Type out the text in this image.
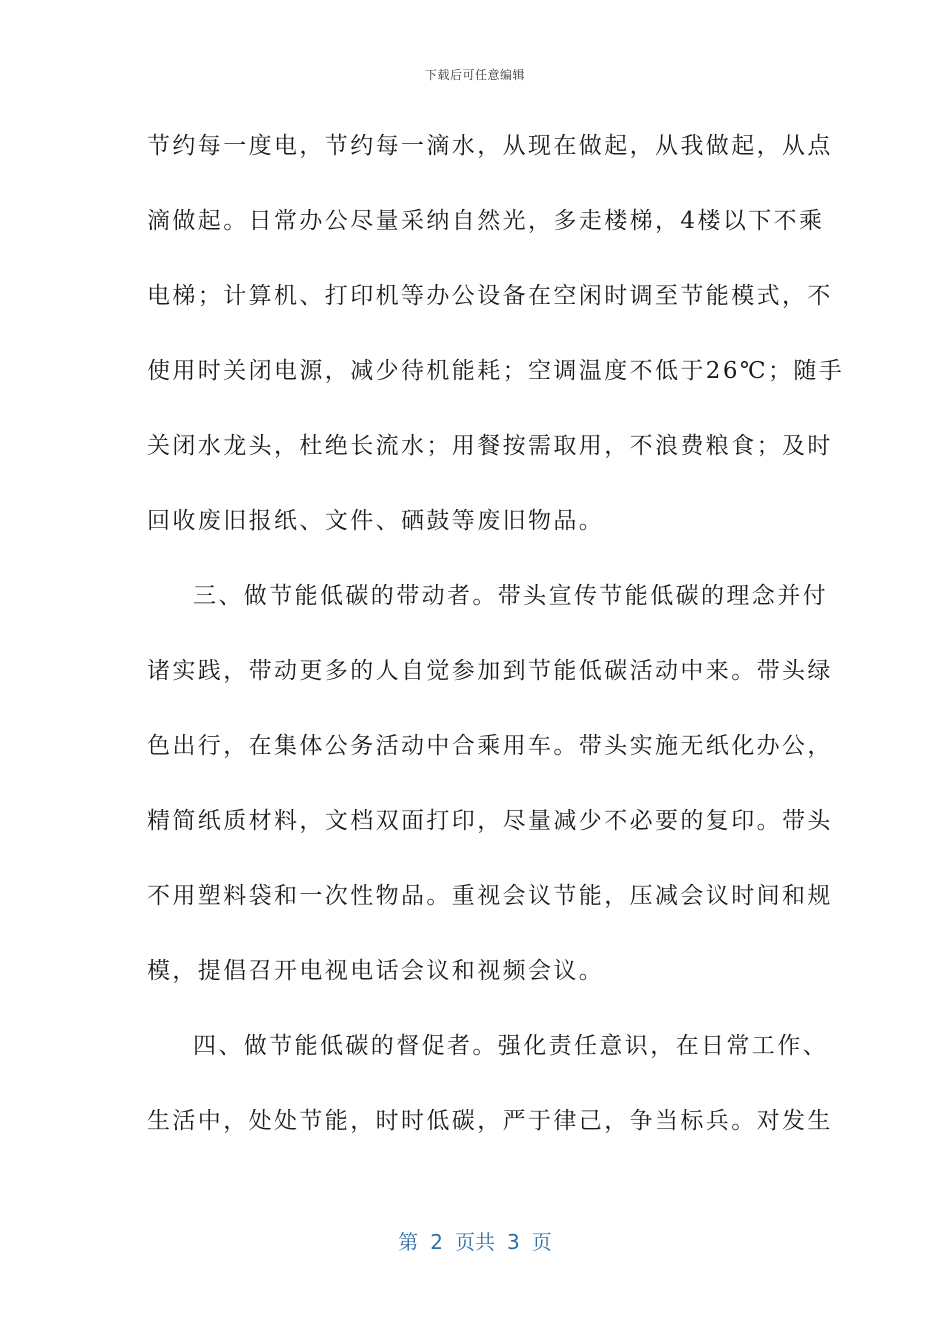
下载后可任意编辑
节约每一度电，节约每一滴水，从现在做起，从我做起，从点
滴做起。日常办公尽量采纳自然光，多走楼梯，4楼以下不乘
电梯；计算机、打印机等办公设备在空闲时调至节能模式，不
使用时关闭电源，减少待机能耗；空调温度不低于26℃；随手
关闭水龙头，杜绝长流水；用餐按需取用，不浪费粮食；及时
回收废旧报纸、文件、硒鼓等废旧物品。
三、做节能低碳的带动者。带头宣传节能低碳的理念并付
诸实践，带动更多的人自觉参加到节能低碳活动中来。带头绿
色出行，在集体公务活动中合乘用车。带头实施无纸化办公，
精简纸质材料，文档双面打印，尽量减少不必要的复印。带头
不用塑料袋和一次性物品。重视会议节能，压减会议时间和规
模，提倡召开电视电话会议和视频会议。
四、做节能低碳的督促者。强化责任意识，在日常工作、
生活中，处处节能，时时低碳，严于律己，争当标兵。对发生
第 2 页共 3 页
